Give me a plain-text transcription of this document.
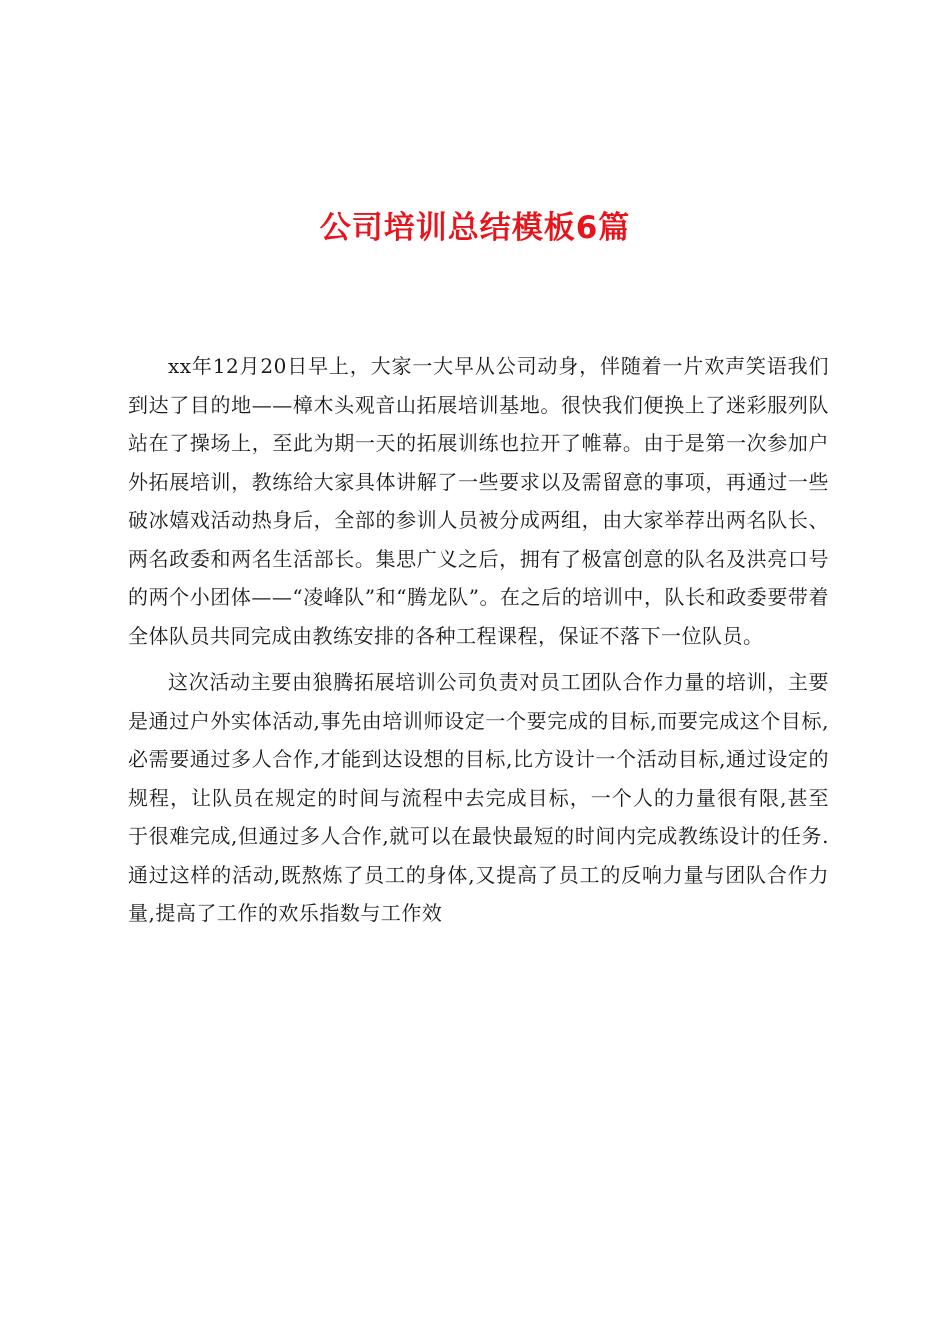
公司培训总结模板6篇

xx年12月20日早上，大家一大早从公司动身，伴随着一片欢声笑语我们到达了目的地——樟木头观音山拓展培训基地。很快我们便换上了迷彩服列队站在了操场上，至此为期一天的拓展训练也拉开了帷幕。由于是第一次参加户外拓展培训，教练给大家具体讲解了一些要求以及需留意的事项，再通过一些破冰嬉戏活动热身后，全部的参训人员被分成两组，由大家举荐出两名队长、两名政委和两名生活部长。集思广义之后，拥有了极富创意的队名及洪亮口号的两个小团体——“凌峰队”和“腾龙队”。在之后的培训中，队长和政委要带着全体队员共同完成由教练安排的各种工程课程，保证不落下一位队员。

这次活动主要由狼腾拓展培训公司负责对员工团队合作力量的培训，主要是通过户外实体活动,事先由培训师设定一个要完成的目标,而要完成这个目标,必需要通过多人合作,才能到达设想的目标,比方设计一个活动目标,通过设定的规程，让队员在规定的时间与流程中去完成目标，一个人的力量很有限,甚至于很难完成,但通过多人合作,就可以在最快最短的时间内完成教练设计的任务.通过这样的活动,既熬炼了员工的身体,又提高了员工的反响力量与团队合作力量,提高了工作的欢乐指数与工作效
